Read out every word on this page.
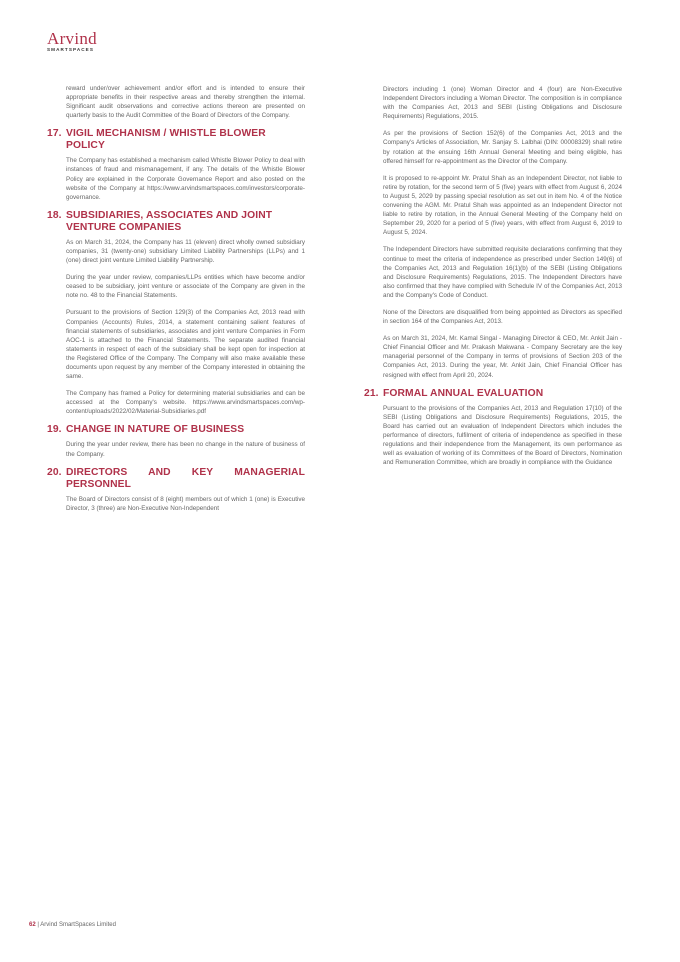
Arvind
SMARTSPACES

reward under/over achievement and/or effort and is intended to ensure their appropriate benefits in their respective areas and thereby strengthen the internal. Significant audit observations and corrective actions thereon are presented on quarterly basis to the Audit Committee of the Board of Directors of the Company.

17. VIGIL MECHANISM / WHISTLE BLOWER POLICY

The Company has established a mechanism called Whistle Blower Policy to deal with instances of fraud and mismanagement, if any. The details of the Whistle Blower Policy are explained in the Corporate Governance Report and also posted on the website of the Company at https://www.arvindsmartspaces.com/investors/corporate-governance.

18. SUBSIDIARIES, ASSOCIATES AND JOINT VENTURE COMPANIES

As on March 31, 2024, the Company has 11 (eleven) direct wholly owned subsidiary companies, 31 (twenty-one) subsidiary Limited Liability Partnerships (LLPs) and 1 (one) direct joint venture Limited Liability Partnership.

During the year under review, companies/LLPs entities which have become and/or ceased to be subsidiary, joint venture or associate of the Company are given in the note no. 48 to the Financial Statements.

Pursuant to the provisions of Section 129(3) of the Companies Act, 2013 read with Companies (Accounts) Rules, 2014, a statement containing salient features of financial statements of subsidiaries, associates and joint venture Companies in Form AOC-1 is attached to the Financial Statements. The separate audited financial statements in respect of each of the subsidiary shall be kept open for inspection at the Registered Office of the Company. The Company will also make available these documents upon request by any member of the Company interested in obtaining the same.

The Company has framed a Policy for determining material subsidiaries and can be accessed at the Company's website. https://www.arvindsmartspaces.com/wp-content/uploads/2022/02/Material-Subsidiaries.pdf

19. CHANGE IN NATURE OF BUSINESS

During the year under review, there has been no change in the nature of business of the Company.

20. DIRECTORS AND KEY MANAGERIAL PERSONNEL

The Board of Directors consist of 8 (eight) members out of which 1 (one) is Executive Director, 3 (three) are Non-Executive Non-Independent

Directors including 1 (one) Woman Director and 4 (four) are Non-Executive Independent Directors including a Woman Director. The composition is in compliance with the Companies Act, 2013 and SEBI (Listing Obligations and Disclosure Requirements) Regulations, 2015.

As per the provisions of Section 152(6) of the Companies Act, 2013 and the Company's Articles of Association, Mr. Sanjay S. Lalbhai (DIN: 00008329) shall retire by rotation at the ensuing 16th Annual General Meeting and being eligible, has offered himself for re-appointment as the Director of the Company.

It is proposed to re-appoint Mr. Pratul Shah as an Independent Director, not liable to retire by rotation, for the second term of 5 (five) years with effect from August 6, 2024 to August 5, 2029 by passing special resolution as set out in item No. 4 of the Notice convening the AGM. Mr. Pratul Shah was appointed as an Independent Director not liable to retire by rotation, in the Annual General Meeting of the Company held on September 29, 2020 for a period of 5 (five) years, with effect from August 6, 2019 to August 5, 2024.

The Independent Directors have submitted requisite declarations confirming that they continue to meet the criteria of independence as prescribed under Section 149(6) of the Companies Act, 2013 and Regulation 16(1)(b) of the SEBI (Listing Obligations and Disclosure Requirements) Regulations, 2015. The Independent Directors have also confirmed that they have complied with Schedule IV of the Companies Act, 2013 and the Company's Code of Conduct.

None of the Directors are disqualified from being appointed as Directors as specified in section 164 of the Companies Act, 2013.

As on March 31, 2024, Mr. Kamal Singal - Managing Director & CEO, Mr. Ankit Jain - Chief Financial Officer and Mr. Prakash Makwana - Company Secretary are the key managerial personnel of the Company in terms of provisions of Section 203 of the Companies Act, 2013. During the year, Mr. Ankit Jain, Chief Financial Officer has resigned with effect from April 20, 2024.

21. FORMAL ANNUAL EVALUATION

Pursuant to the provisions of the Companies Act, 2013 and Regulation 17(10) of the SEBI (Listing Obligations and Disclosure Requirements) Regulations, 2015, the Board has carried out an evaluation of Independent Directors which includes the performance of directors, fulfilment of criteria of independence as specified in these regulations and their independence from the Management, its own performance as well as evaluation of working of its Committees of the Board of Directors, Nomination and Remuneration Committee, which are broadly in compliance with the Guidance

62 | Arvind SmartSpaces Limited
